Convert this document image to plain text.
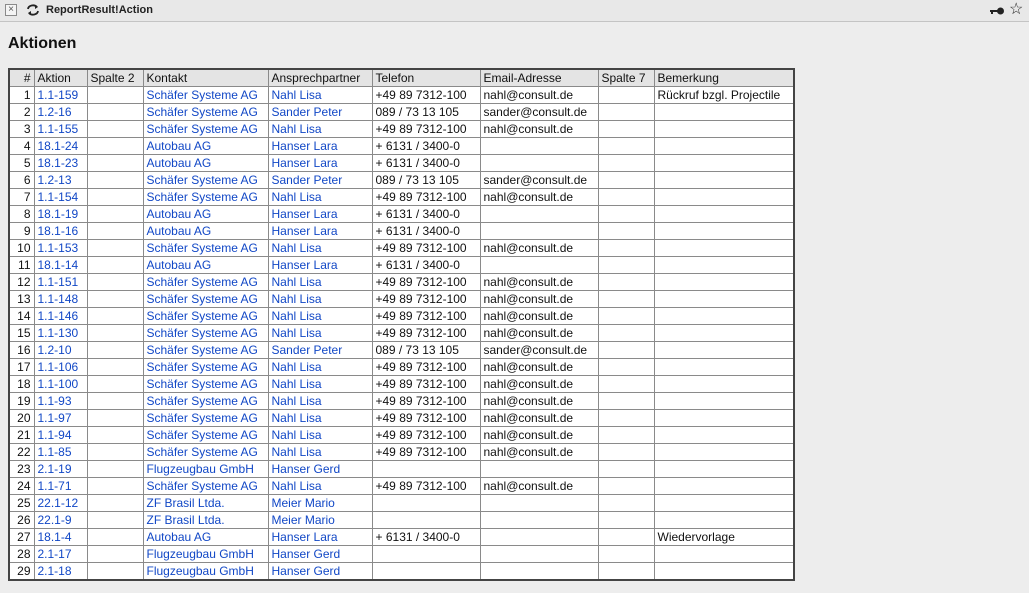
×	ReportResult!Action	☆
Aktionen
#	Aktion	Spalte 2	Kontakt	Ansprechpartner	Telefon	Email-Adresse	Spalte 7	Bemerkung
1	1.1-159		Schäfer Systeme AG	Nahl Lisa	+49 89 7312-100	nahl@consult.de		Rückruf bzgl. Projectile
2	1.2-16		Schäfer Systeme AG	Sander Peter	089 / 73 13 105	sander@consult.de		
3	1.1-155		Schäfer Systeme AG	Nahl Lisa	+49 89 7312-100	nahl@consult.de		
4	18.1-24		Autobau AG	Hanser Lara	+ 6131 / 3400-0			
5	18.1-23		Autobau AG	Hanser Lara	+ 6131 / 3400-0			
6	1.2-13		Schäfer Systeme AG	Sander Peter	089 / 73 13 105	sander@consult.de		
7	1.1-154		Schäfer Systeme AG	Nahl Lisa	+49 89 7312-100	nahl@consult.de		
8	18.1-19		Autobau AG	Hanser Lara	+ 6131 / 3400-0			
9	18.1-16		Autobau AG	Hanser Lara	+ 6131 / 3400-0			
10	1.1-153		Schäfer Systeme AG	Nahl Lisa	+49 89 7312-100	nahl@consult.de		
11	18.1-14		Autobau AG	Hanser Lara	+ 6131 / 3400-0			
12	1.1-151		Schäfer Systeme AG	Nahl Lisa	+49 89 7312-100	nahl@consult.de		
13	1.1-148		Schäfer Systeme AG	Nahl Lisa	+49 89 7312-100	nahl@consult.de		
14	1.1-146		Schäfer Systeme AG	Nahl Lisa	+49 89 7312-100	nahl@consult.de		
15	1.1-130		Schäfer Systeme AG	Nahl Lisa	+49 89 7312-100	nahl@consult.de		
16	1.2-10		Schäfer Systeme AG	Sander Peter	089 / 73 13 105	sander@consult.de		
17	1.1-106		Schäfer Systeme AG	Nahl Lisa	+49 89 7312-100	nahl@consult.de		
18	1.1-100		Schäfer Systeme AG	Nahl Lisa	+49 89 7312-100	nahl@consult.de		
19	1.1-93		Schäfer Systeme AG	Nahl Lisa	+49 89 7312-100	nahl@consult.de		
20	1.1-97		Schäfer Systeme AG	Nahl Lisa	+49 89 7312-100	nahl@consult.de		
21	1.1-94		Schäfer Systeme AG	Nahl Lisa	+49 89 7312-100	nahl@consult.de		
22	1.1-85		Schäfer Systeme AG	Nahl Lisa	+49 89 7312-100	nahl@consult.de		
23	2.1-19		Flugzeugbau GmbH	Hanser Gerd				
24	1.1-71		Schäfer Systeme AG	Nahl Lisa	+49 89 7312-100	nahl@consult.de		
25	22.1-12		ZF Brasil Ltda.	Meier Mario				
26	22.1-9		ZF Brasil Ltda.	Meier Mario				
27	18.1-4		Autobau AG	Hanser Lara	+ 6131 / 3400-0			Wiedervorlage
28	2.1-17		Flugzeugbau GmbH	Hanser Gerd				
29	2.1-18		Flugzeugbau GmbH	Hanser Gerd				
